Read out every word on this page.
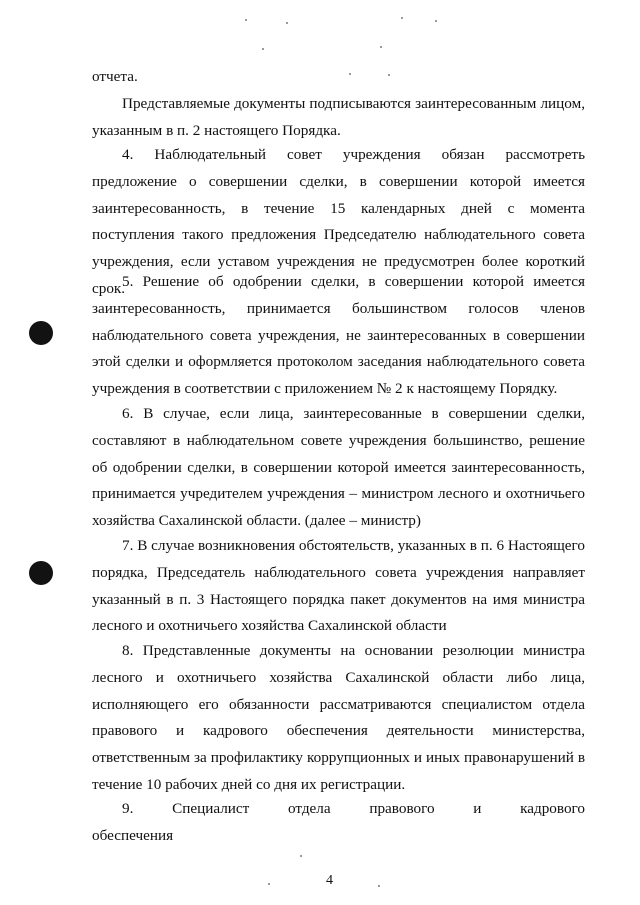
отчета.

Представляемые документы подписываются заинтересованным лицом, указанным в п. 2 настоящего Порядка.

4. Наблюдательный совет учреждения обязан рассмотреть предложение о совершении сделки, в совершении которой имеется заинтересованность, в течение 15 календарных дней с момента поступления такого предложения Председателю наблюдательного совета учреждения, если уставом учреждения не предусмотрен более короткий срок.

5. Решение об одобрении сделки, в совершении которой имеется заинтересованность, принимается большинством голосов членов наблюдательного совета учреждения, не заинтересованных в совершении этой сделки и оформляется протоколом заседания наблюдательного совета учреждения в соответствии с приложением № 2 к настоящему Порядку.

6. В случае, если лица, заинтересованные в совершении сделки, составляют в наблюдательном совете учреждения большинство, решение об одобрении сделки, в совершении которой имеется заинтересованность, принимается учредителем учреждения – министром лесного и охотничьего хозяйства Сахалинской области. (далее – министр)

7. В случае возникновения обстоятельств, указанных в п. 6 Настоящего порядка, Председатель наблюдательного совета учреждения направляет указанный в п. 3 Настоящего порядка пакет документов на имя министра лесного и охотничьего хозяйства Сахалинской области

8. Представленные документы на основании резолюции министра лесного и охотничьего хозяйства Сахалинской области либо лица, исполняющего его обязанности рассматриваются специалистом отдела правового и кадрового обеспечения деятельности министерства, ответственным за профилактику коррупционных и иных правонарушений в течение 10 рабочих дней со дня их регистрации.

9. Специалист отдела правового и кадрового обеспечения

4
